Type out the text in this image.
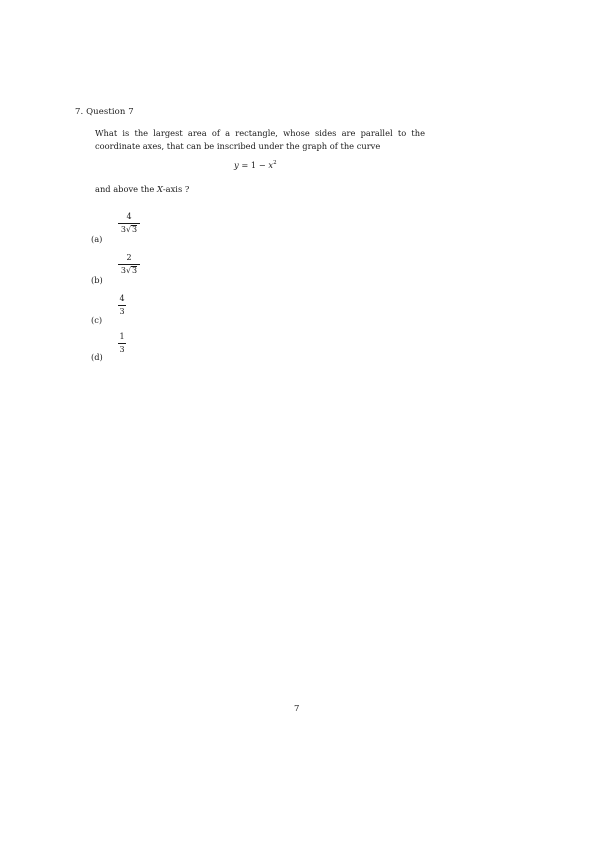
7. Question 7
What is the largest area of a rectangle, whose sides are parallel to the coordinate axes, that can be inscribed under the graph of the curve
$y = 1 - x^2$
and above the X-axis ?
(a)
4
3√3
(b)
2
3√3
(c)
4
3
(d)
1
3
7
